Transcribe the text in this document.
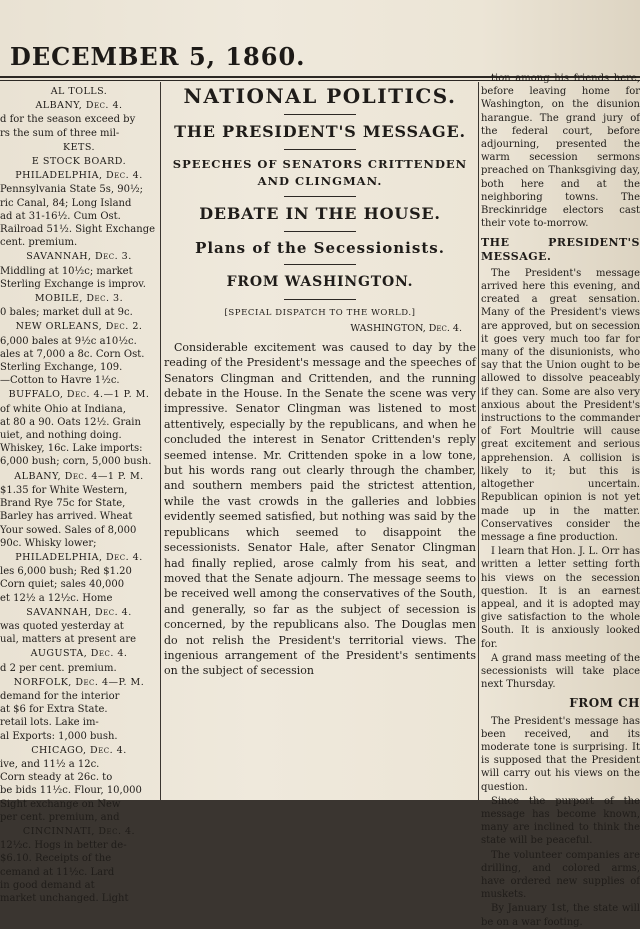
DECEMBER 5, 1860.
AL TOLLS.
ALBANY, Dec. 4.
d for the season exceed by
rs the sum of three mil-
KETS.
E STOCK BOARD.
PHILADELPHIA, Dec. 4.
Pennsylvania State 5s, 90½;
ric Canal, 84; Long Island
ad at 31-16½. Cum Ost.
Railroad 51½. Sight Exchange
cent. premium.
SAVANNAH, Dec. 3.
Middling at 10½c; market
Sterling Exchange is improv.
MOBILE, Dec. 3.
0 bales; market dull at 9c.
NEW ORLEANS, Dec. 2.
6,000 bales at 9½c a10½c.
ales at 7,000 a 8c. Corn Ost.
Sterling Exchange, 109.
—Cotton to Havre 1½c.
BUFFALO, Dec. 4.—1 P. M.
of white Ohio at Indiana,
at 80 a 90. Oats 12½. Grain
uiet, and nothing doing.
Whiskey, 16c. Lake imports:
6,000 bush; corn, 5,000 bush.
ALBANY, Dec. 4—1 P. M.
$1.35 for White Western,
Brand Rye 75c for State,
Barley has arrived. Wheat
Your sowed. Sales of 8,000
90c. Whisky lower;
PHILADELPHIA, Dec. 4.
les 6,000 bush; Red $1.20
Corn quiet; sales 40,000
et 12½ a 12½c. Home
SAVANNAH, Dec. 4.
was quoted yesterday at
ual, matters at present are
AUGUSTA, Dec. 4.
d 2 per cent. premium.
NORFOLK, Dec. 4—P. M.
demand for the interior
at $6 for Extra State.
retail lots. Lake im-
al Exports: 1,000 bush.
CHICAGO, Dec. 4.
ive, and 11½ a 12c.
Corn steady at 26c. to
be bids 11½c. Flour, 10,000
Sight exchange on New
per cent. premium, and
CINCINNATI, Dec. 4.
12½c. Hogs in better de-
$6.10. Receipts of the
cemand at 11½c. Lard
in good demand at
market unchanged. Light
NATIONAL POLITICS.
THE PRESIDENT'S MESSAGE.
SPEECHES OF SENATORS CRITTENDEN AND CLINGMAN.
DEBATE IN THE HOUSE.
Plans of the Secessionists.
FROM WASHINGTON.
[SPECIAL DISPATCH TO THE WORLD.]
WASHINGTON, Dec. 4.

Considerable excitement was caused to day by the reading of the President's message and the speeches of Senators Clingman and Crittenden, and the running debate in the House. In the Senate the scene was very impressive. Senator Clingman was listened to most attentively, especially by the republicans, and when he concluded the interest in Senator Crittenden's reply seemed intense. Mr. Crittenden spoke in a low tone, but his words rang out clearly through the chamber, and southern members paid the strictest attention, while the vast crowds in the galleries and lobbies evidently seemed satisfied, but nothing was said by the republicans which seemed to disappoint the secessionists. Senator Hale, after Senator Clingman had finally replied, arose calmly from his seat, and moved that the Senate adjourn. The message seems to be received well among the conservatives of the South, and generally, so far as the subject of secession is concerned, by the republicans also. The Douglas men do not relish the President's territorial views. The ingenious arrangement of the President's sentiments on the subject of secession

tion among his friends here, before leaving home for Washington, on the disunion harangue. The grand jury of the federal court, before adjourning, presented the warm secession sermons preached on Thanksgiving day, both here and at the neighboring towns. The Breckinridge electors cast their vote to-morrow.

THE PRESIDENT'S MESSAGE.

The President's message arrived here this evening, and created a great sensation. Many of the President's views are approved, but on secession it goes very much too far for many of the disunionists, who say that the Union ought to be allowed to dissolve peaceably if they can. Some are also very anxious about the President's instructions to the commander of Fort Moultrie will cause great excitement and serious apprehension. A collision is likely to it; but this is altogether uncertain. Republican opinion is not yet made up in the matter. Conservatives consider the message a fine production.

I learn that Hon. J. L. Orr has written a letter setting forth his views on the secession question. It is an earnest appeal, and it is adopted may give satisfaction to the whole South. It is anxiously looked for.

A grand mass meeting of the secessionists will take place next Thursday.

FROM CH

The President's message has been received, and its moderate tone is surprising. It is supposed that the President will carry out his views on the question.

Since the purport of the message has become known, many are inclined to think the state will be peaceful.

The volunteer companies are drilling, and colored arms, have ordered new supplies of muskets.

By January 1st, the state will be on a war footing.
